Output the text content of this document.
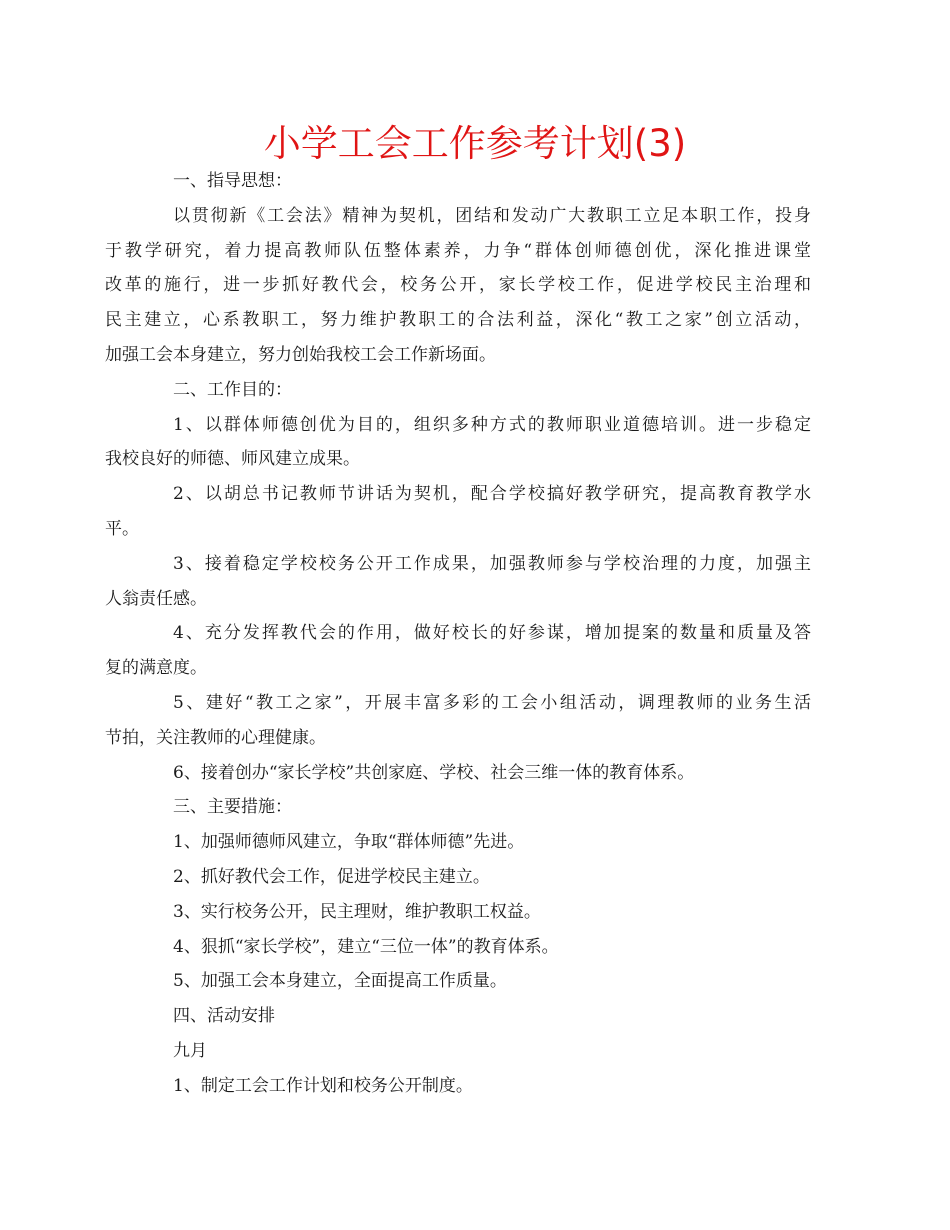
小学工会工作参考计划(3)

一、指导思想：

以贯彻新《工会法》精神为契机，团结和发动广大教职工立足本职工作，投身
于教学研究，着力提高教师队伍整体素养，力争“群体创师德创优，深化推进课堂
改革的施行，进一步抓好教代会，校务公开，家长学校工作，促进学校民主治理和
民主建立，心系教职工，努力维护教职工的合法利益，深化“教工之家”创立活动，
加强工会本身建立，努力创始我校工会工作新场面。

二、工作目的：

1、以群体师德创优为目的，组织多种方式的教师职业道德培训。进一步稳定
我校良好的师德、师风建立成果。

2、以胡总书记教师节讲话为契机，配合学校搞好教学研究，提高教育教学水
平。

3、接着稳定学校校务公开工作成果，加强教师参与学校治理的力度，加强主
人翁责任感。

4、充分发挥教代会的作用，做好校长的好参谋，增加提案的数量和质量及答
复的满意度。

5、建好“教工之家”，开展丰富多彩的工会小组活动，调理教师的业务生活
节拍，关注教师的心理健康。

6、接着创办“家长学校”共创家庭、学校、社会三维一体的教育体系。

三、主要措施：

1、加强师德师风建立，争取“群体师德”先进。

2、抓好教代会工作，促进学校民主建立。

3、实行校务公开，民主理财，维护教职工权益。

4、狠抓“家长学校”，建立“三位一体”的教育体系。

5、加强工会本身建立，全面提高工作质量。

四、活动安排

九月

1、制定工会工作计划和校务公开制度。
